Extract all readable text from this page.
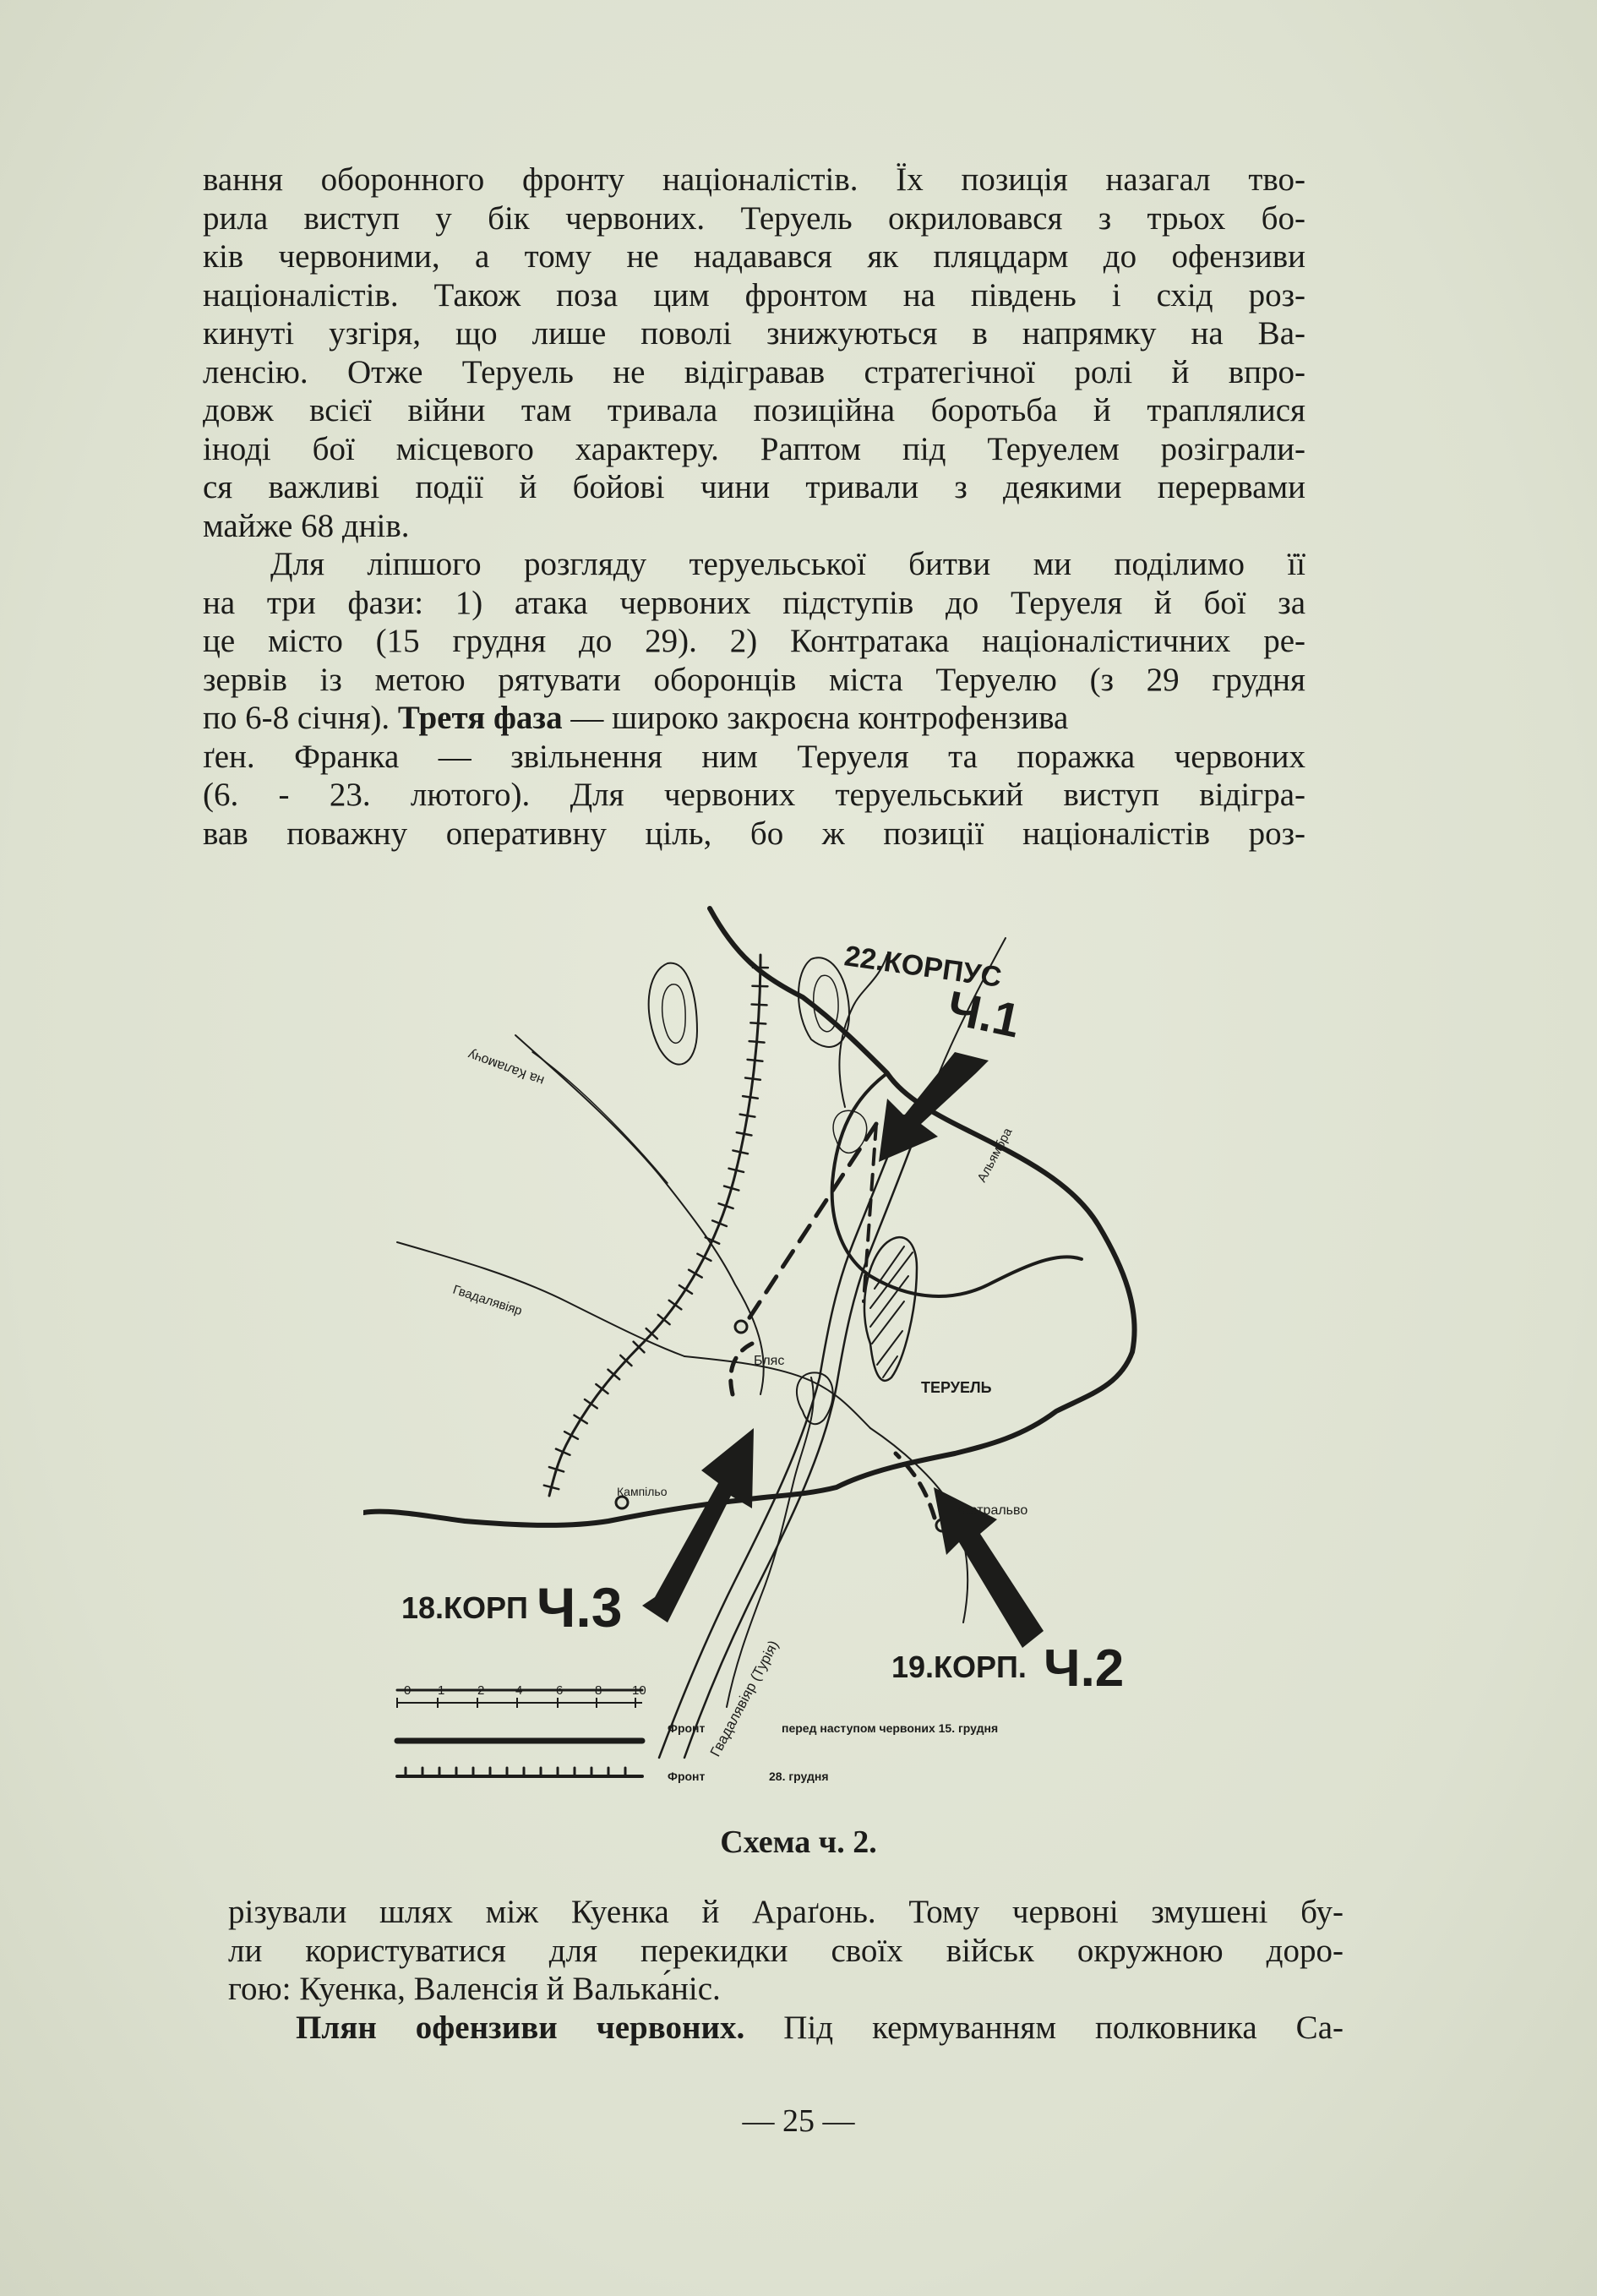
вання оборонного фронту націоналістів. Їх позиція назагал тво-
рила виступ у бік червоних. Теруель окриловався з трьох бо-
ків червоними, а тому не надавався як пляцдарм до офензиви
націоналістів. Також поза цим фронтом на південь і схід роз-
кинуті узгіря, що лише поволі знижуються в напрямку на Ва-
ленсію. Отже Теруель не відігравав стратегічної ролі й впро-
довж всієї війни там тривала позиційна боротьба й траплялися
іноді бої місцевого характеру. Раптом під Теруелем розігрaли-
ся важливі події й бойові чини тривали з деякими перервами
майже 68 днів.
Для ліпшого розгляду теруельської битви ми поділимо її
на три фази: 1) атака червоних підступів до Теруеля й бої за
це місто (15 грудня до 29). 2) Контратака націоналістичних ре-
зервів із метою рятувати оборонців міста Теруелю (з 29 грудня
по 6-8 січня). Третя фаза — широко закроєна контрофензива
ґен. Франка — звільнення ним Теруеля та поражка червоних
(6. - 23. лютого). Для червоних теруельський виступ відігра-
вав поважну оперативну ціль, бо ж позиції націоналістів роз-
22.КОРПУС
Ч.1
18.КОРП Ч.3
19.КОРП. Ч.2
ТЕРУЕЛЬ
Бляс
Кампільо
Кастральво
Гвадалявіяр
Гвадалявіяр (Турія)
Альямбра
на Каламочу
0 1	2 4	6	8 10
Фронт	перед наступом червоних 15. грудня
Фронт	28. грудня
Схема ч. 2.
різували шлях між Куенка й Араґонь. Тому червоні змушені бу-
ли користуватися для перекидки своїх військ окружною доро-
гою: Куенка, Валенсія й Валька́ніс.
Плян офензиви червоних. Під кермуванням полковника Са-
— 25 —
